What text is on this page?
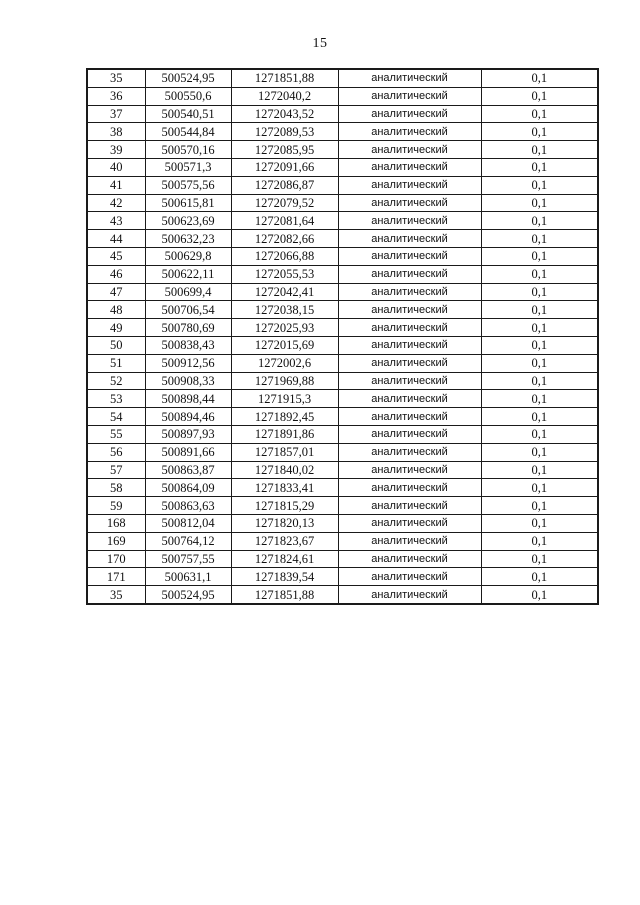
15
35	500524,95	1271851,88	аналитический	0,1
36	500550,6	1272040,2	аналитический	0,1
37	500540,51	1272043,52	аналитический	0,1
38	500544,84	1272089,53	аналитический	0,1
39	500570,16	1272085,95	аналитический	0,1
40	500571,3	1272091,66	аналитический	0,1
41	500575,56	1272086,87	аналитический	0,1
42	500615,81	1272079,52	аналитический	0,1
43	500623,69	1272081,64	аналитический	0,1
44	500632,23	1272082,66	аналитический	0,1
45	500629,8	1272066,88	аналитический	0,1
46	500622,11	1272055,53	аналитический	0,1
47	500699,4	1272042,41	аналитический	0,1
48	500706,54	1272038,15	аналитический	0,1
49	500780,69	1272025,93	аналитический	0,1
50	500838,43	1272015,69	аналитический	0,1
51	500912,56	1272002,6	аналитический	0,1
52	500908,33	1271969,88	аналитический	0,1
53	500898,44	1271915,3	аналитический	0,1
54	500894,46	1271892,45	аналитический	0,1
55	500897,93	1271891,86	аналитический	0,1
56	500891,66	1271857,01	аналитический	0,1
57	500863,87	1271840,02	аналитический	0,1
58	500864,09	1271833,41	аналитический	0,1
59	500863,63	1271815,29	аналитический	0,1
168	500812,04	1271820,13	аналитический	0,1
169	500764,12	1271823,67	аналитический	0,1
170	500757,55	1271824,61	аналитический	0,1
171	500631,1	1271839,54	аналитический	0,1
35	500524,95	1271851,88	аналитический	0,1
